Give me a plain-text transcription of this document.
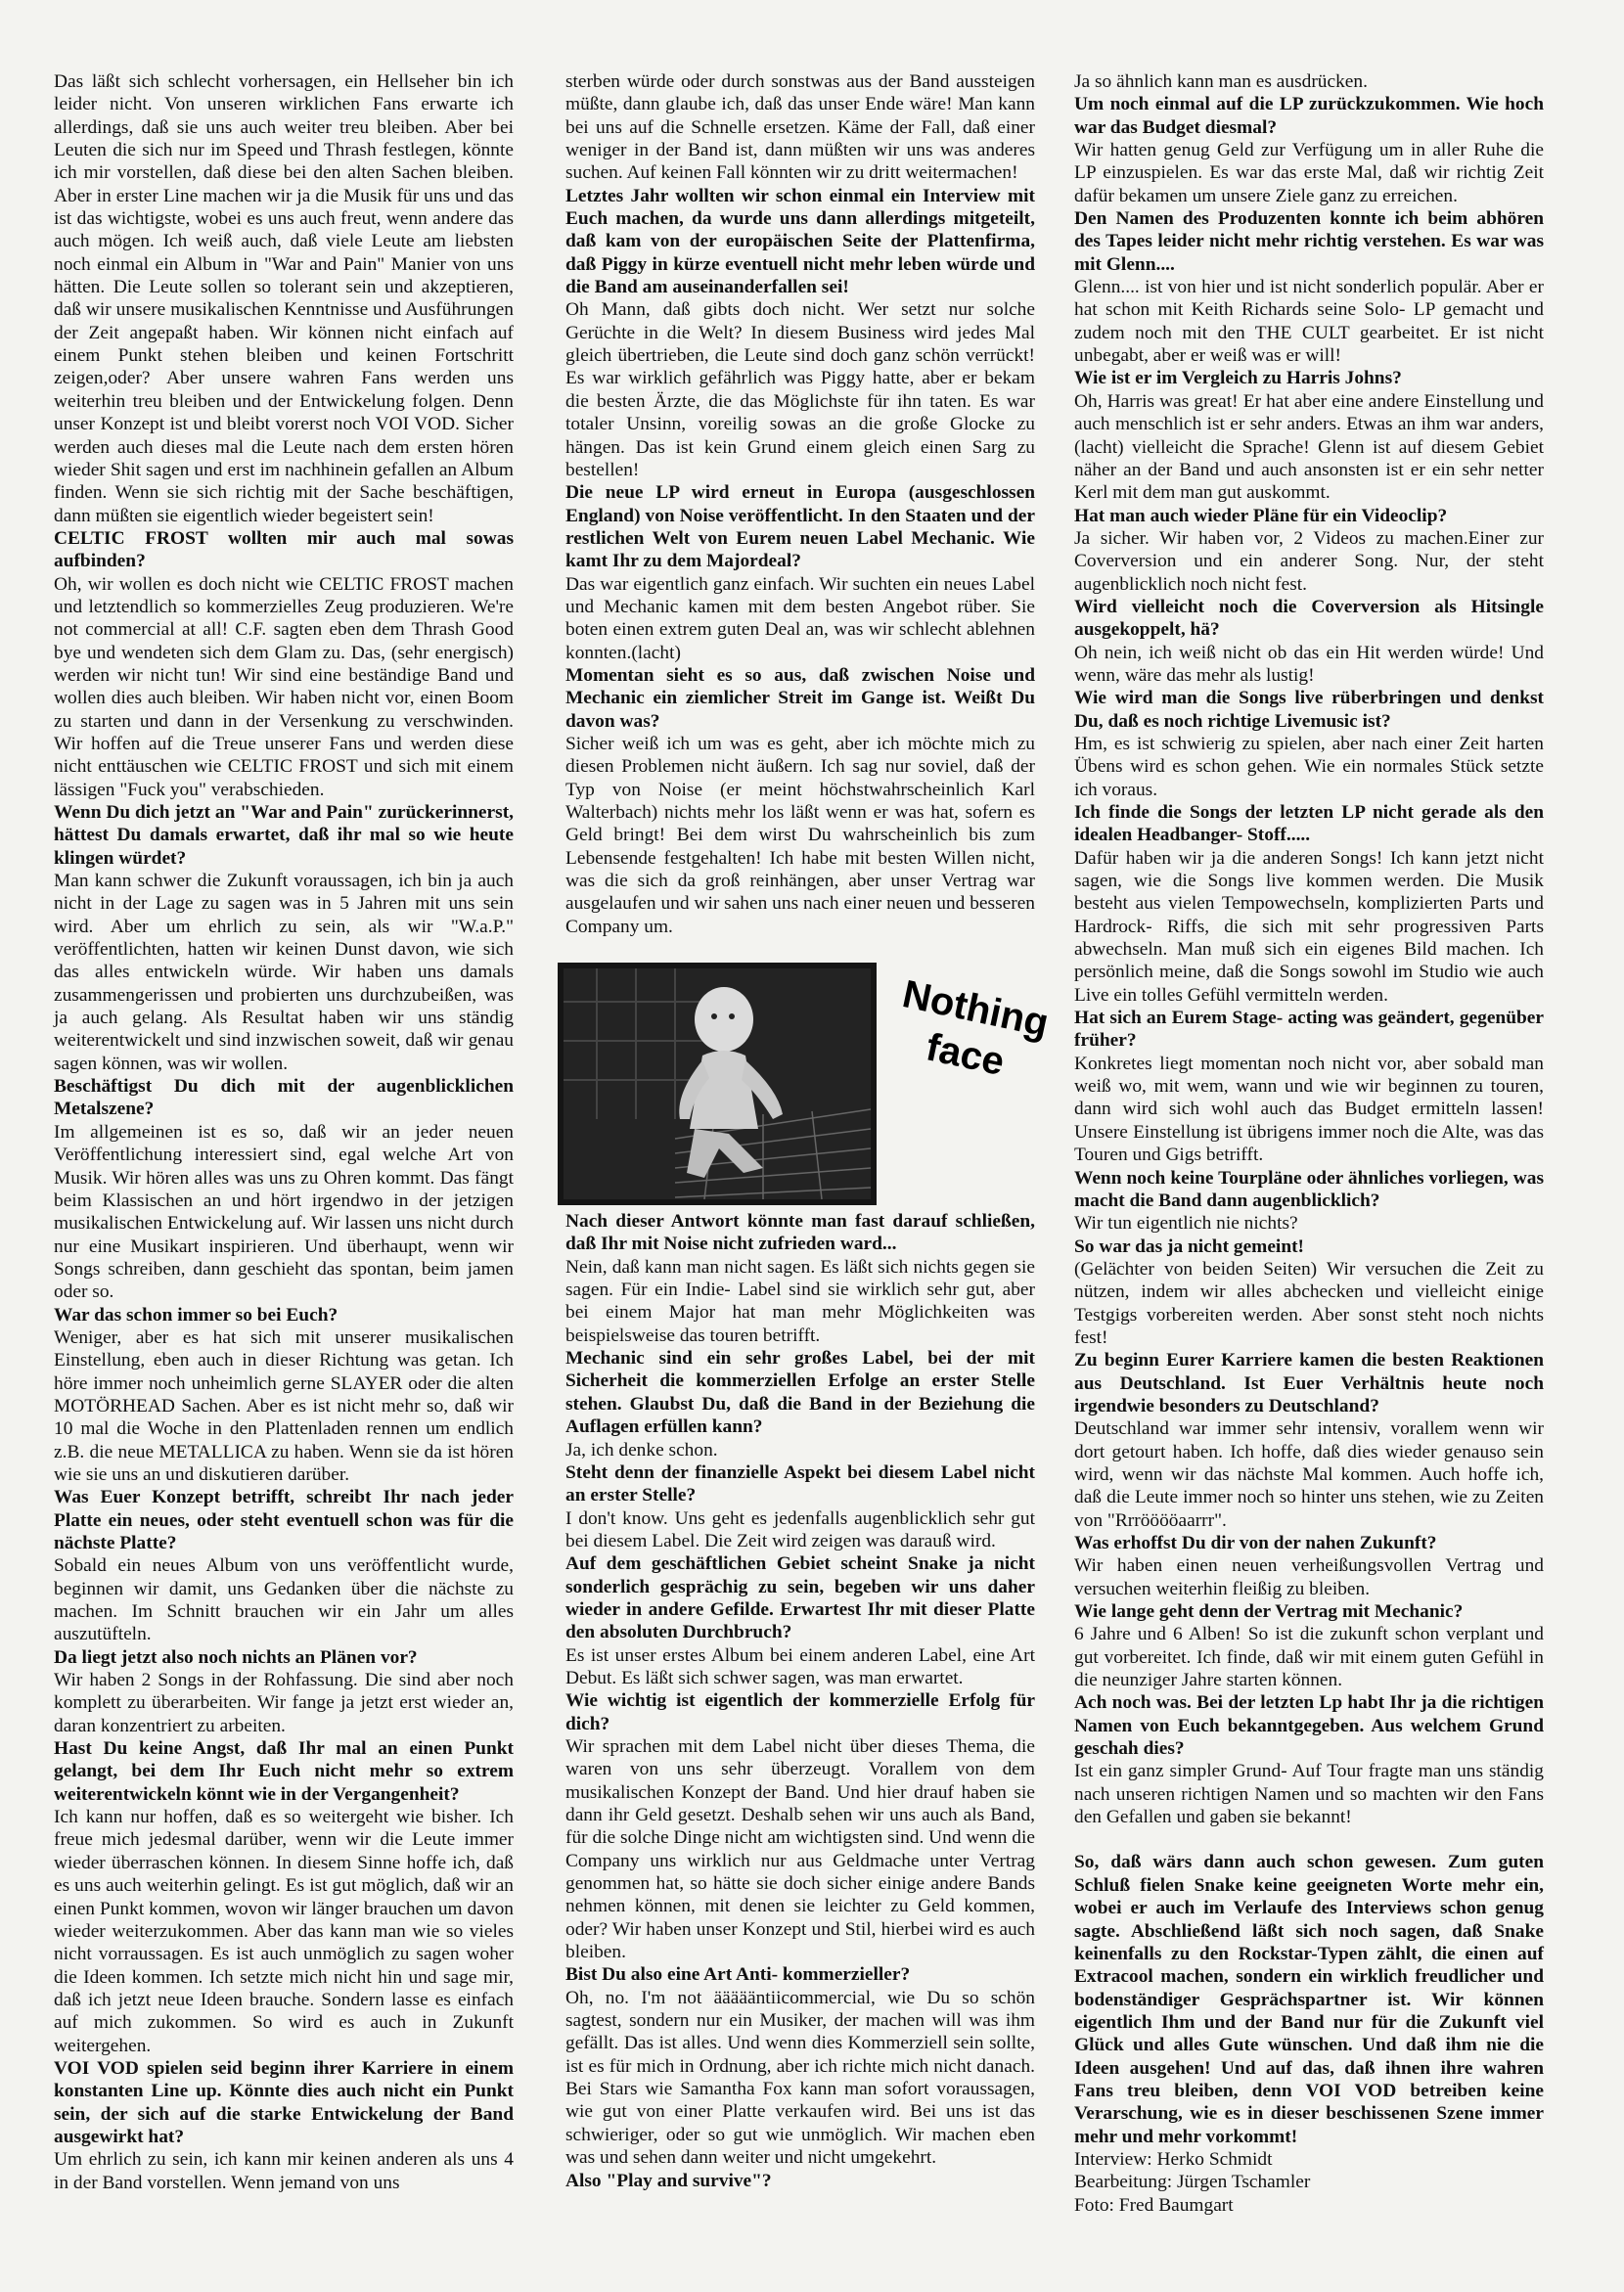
Das läßt sich schlecht vorhersagen, ein Hellseher bin ich leider nicht. Von unseren wirklichen Fans erwarte ich allerdings, daß sie uns auch weiter treu bleiben. Aber bei Leuten die sich nur im Speed und Thrash festlegen, könnte ich mir vorstellen, daß diese bei den alten Sachen bleiben. Aber in erster Line machen wir ja die Musik für uns und das ist das wichtigste, wobei es uns auch freut, wenn andere das auch mögen. Ich weiß auch, daß viele Leute am liebsten noch einmal ein Album in "War and Pain" Manier von uns hätten. Die Leute sollen so tolerant sein und akzeptieren, daß wir unsere musikalischen Kenntnisse und Ausführungen der Zeit angepaßt haben. Wir können nicht einfach auf einem Punkt stehen bleiben und keinen Fortschritt zeigen,oder? Aber unsere wahren Fans werden uns weiterhin treu bleiben und der Entwickelung folgen. Denn unser Konzept ist und bleibt vorerst noch VOI VOD. Sicher werden auch dieses mal die Leute nach dem ersten hören wieder Shit sagen und erst im nachhinein gefallen an Album finden. Wenn sie sich richtig mit der Sache beschäftigen, dann müßten sie eigentlich wieder begeistert sein!

CELTIC FROST wollten mir auch mal sowas aufbinden?

Oh, wir wollen es doch nicht wie CELTIC FROST machen und letztendlich so kommerzielles Zeug produzieren. We're not commercial at all! C.F. sagten eben dem Thrash Good bye und wendeten sich dem Glam zu. Das, (sehr energisch) werden wir nicht tun! Wir sind eine beständige Band und wollen dies auch bleiben. Wir haben nicht vor, einen Boom zu starten und dann in der Versenkung zu verschwinden. Wir hoffen auf die Treue unserer Fans und werden diese nicht enttäuschen wie CELTIC FROST und sich mit einem lässigen "Fuck you" verabschieden.

Wenn Du dich jetzt an "War and Pain" zurückerinnerst, hättest Du damals erwartet, daß ihr mal so wie heute klingen würdet?

Man kann schwer die Zukunft voraussagen, ich bin ja auch nicht in der Lage zu sagen was in 5 Jahren mit uns sein wird. Aber um ehrlich zu sein, als wir "W.a.P." veröffentlichten, hatten wir keinen Dunst davon, wie sich das alles entwickeln würde. Wir haben uns damals zusammengerissen und probierten uns durchzubeißen, was ja auch gelang. Als Resultat haben wir uns ständig weiterentwickelt und sind inzwischen soweit, daß wir genau sagen können, was wir wollen.

Beschäftigst Du dich mit der augenblicklichen Metalszene?

Im allgemeinen ist es so, daß wir an jeder neuen Veröffentlichung interessiert sind, egal welche Art von Musik. Wir hören alles was uns zu Ohren kommt. Das fängt beim Klassischen an und hört irgendwo in der jetzigen musikalischen Entwickelung auf. Wir lassen uns nicht durch nur eine Musikart inspirieren. Und überhaupt, wenn wir Songs schreiben, dann geschieht das spontan, beim jamen oder so.

War das schon immer so bei Euch?

Weniger, aber es hat sich mit unserer musikalischen Einstellung, eben auch in dieser Richtung was getan. Ich höre immer noch unheimlich gerne SLAYER oder die alten MOTÖRHEAD Sachen. Aber es ist nicht mehr so, daß wir 10 mal die Woche in den Plattenladen rennen um endlich z.B. die neue METALLICA zu haben. Wenn sie da ist hören wie sie uns an und diskutieren darüber.

Was Euer Konzept betrifft, schreibt Ihr nach jeder Platte ein neues, oder steht eventuell schon was für die nächste Platte?

Sobald ein neues Album von uns veröffentlicht wurde, beginnen wir damit, uns Gedanken über die nächste zu machen. Im Schnitt brauchen wir ein Jahr um alles auszutüfteln.

Da liegt jetzt also noch nichts an Plänen vor?

Wir haben 2 Songs in der Rohfassung. Die sind aber noch komplett zu überarbeiten. Wir fange ja jetzt erst wieder an, daran konzentriert zu arbeiten.

Hast Du keine Angst, daß Ihr mal an einen Punkt gelangt, bei dem Ihr Euch nicht mehr so extrem weiterentwickeln könnt wie in der Vergangenheit?

Ich kann nur hoffen, daß es so weitergeht wie bisher. Ich freue mich jedesmal darüber, wenn wir die Leute immer wieder überraschen können. In diesem Sinne hoffe ich, daß es uns auch weiterhin gelingt. Es ist gut möglich, daß wir an einen Punkt kommen, wovon wir länger brauchen um davon wieder weiterzukommen. Aber das kann man wie so vieles nicht vorraussagen. Es ist auch unmöglich zu sagen woher die Ideen kommen. Ich setzte mich nicht hin und sage mir, daß ich jetzt neue Ideen brauche. Sondern lasse es einfach auf mich zukommen. So wird es auch in Zukunft weitergehen.

VOI VOD spielen seid beginn ihrer Karriere in einem konstanten Line up. Könnte dies auch nicht ein Punkt sein, der sich auf die starke Entwickelung der Band ausgewirkt hat?

Um ehrlich zu sein, ich kann mir keinen anderen als uns 4 in der Band vorstellen. Wenn jemand von uns

sterben würde oder durch sonstwas aus der Band aussteigen müßte, dann glaube ich, daß das unser Ende wäre! Man kann bei uns auf die Schnelle ersetzen. Käme der Fall, daß einer weniger in der Band ist, dann müßten wir uns was anderes suchen. Auf keinen Fall könnten wir zu dritt weitermachen!

Letztes Jahr wollten wir schon einmal ein Interview mit Euch machen, da wurde uns dann allerdings mitgeteilt, daß kam von der europäischen Seite der Plattenfirma, daß Piggy in kürze eventuell nicht mehr leben würde und die Band am auseinanderfallen sei!

Oh Mann, daß gibts doch nicht. Wer setzt nur solche Gerüchte in die Welt? In diesem Business wird jedes Mal gleich übertrieben, die Leute sind doch ganz schön verrückt! Es war wirklich gefährlich was Piggy hatte, aber er bekam die besten Ärzte, die das Möglichste für ihn taten. Es war totaler Unsinn, voreilig sowas an die große Glocke zu hängen. Das ist kein Grund einem gleich einen Sarg zu bestellen!

Die neue LP wird erneut in Europa (ausgeschlossen England) von Noise veröffentlicht. In den Staaten und der restlichen Welt von Eurem neuen Label Mechanic. Wie kamt Ihr zu dem Majordeal?

Das war eigentlich ganz einfach. Wir suchten ein neues Label und Mechanic kamen mit dem besten Angebot rüber. Sie boten einen extrem guten Deal an, was wir schlecht ablehnen konnten.(lacht)

Momentan sieht es so aus, daß zwischen Noise und Mechanic ein ziemlicher Streit im Gange ist. Weißt Du davon was?

Sicher weiß ich um was es geht, aber ich möchte mich zu diesen Problemen nicht äußern. Ich sag nur soviel, daß der Typ von Noise (er meint höchstwahrscheinlich Karl Walterbach) nichts mehr los läßt wenn er was hat, sofern es Geld bringt! Bei dem wirst Du wahrscheinlich bis zum Lebensende festgehalten! Ich habe mit besten Willen nicht, was die sich da groß reinhängen, aber unser Vertrag war ausgelaufen und wir sahen uns nach einer neuen und besseren Company um.

Nach dieser Antwort könnte man fast darauf schließen, daß Ihr mit Noise nicht zufrieden ward...

Nein, daß kann man nicht sagen. Es läßt sich nichts gegen sie sagen. Für ein Indie- Label sind sie wirklich sehr gut, aber bei einem Major hat man mehr Möglichkeiten was beispielsweise das touren betrifft.

Mechanic sind ein sehr großes Label, bei der mit Sicherheit die kommerziellen Erfolge an erster Stelle stehen. Glaubst Du, daß die Band in der Beziehung die Auflagen erfüllen kann?

Ja, ich denke schon.

Steht denn der finanzielle Aspekt bei diesem Label nicht an erster Stelle?

I don't know. Uns geht es jedenfalls augenblicklich sehr gut bei diesem Label. Die Zeit wird zeigen was darauß wird.

Auf dem geschäftlichen Gebiet scheint Snake ja nicht sonderlich gesprächig zu sein, begeben wir uns daher wieder in andere Gefilde. Erwartest Ihr mit dieser Platte den absoluten Durchbruch?

Es ist unser erstes Album bei einem anderen Label, eine Art Debut. Es läßt sich schwer sagen, was man erwartet.

Wie wichtig ist eigentlich der kommerzielle Erfolg für dich?

Wir sprachen mit dem Label nicht über dieses Thema, die waren von uns sehr überzeugt. Vorallem von dem musikalischen Konzept der Band. Und hier drauf haben sie dann ihr Geld gesetzt. Deshalb sehen wir uns auch als Band, für die solche Dinge nicht am wichtigsten sind. Und wenn die Company uns wirklich nur aus Geldmache unter Vertrag genommen hat, so hätte sie doch sicher einige andere Bands nehmen können, mit denen sie leichter zu Geld kommen, oder? Wir haben unser Konzept und Stil, hierbei wird es auch bleiben.

Bist Du also eine Art Anti- kommerzieller?

Oh, no. I'm not äääääntiicommercial, wie Du so schön sagtest, sondern nur ein Musiker, der machen will was ihm gefällt. Das ist alles. Und wenn dies Kommerziell sein sollte, ist es für mich in Ordnung, aber ich richte mich nicht danach. Bei Stars wie Samantha Fox kann man sofort voraussagen, wie gut von einer Platte verkaufen wird. Bei uns ist das schwieriger, oder so gut wie unmöglich. Wir machen eben was und sehen dann weiter und nicht umgekehrt.

Also "Play and survive"?

Ja so ähnlich kann man es ausdrücken.

Um noch einmal auf die LP zurückzukommen. Wie hoch war das Budget diesmal?

Wir hatten genug Geld zur Verfügung um in aller Ruhe die LP einzuspielen. Es war das erste Mal, daß wir richtig Zeit dafür bekamen um unsere Ziele ganz zu erreichen.

Den Namen des Produzenten konnte ich beim abhören des Tapes leider nicht mehr richtig verstehen. Es war was mit Glenn....

Glenn.... ist von hier und ist nicht sonderlich populär. Aber er hat schon mit Keith Richards seine Solo- LP gemacht und zudem noch mit den THE CULT gearbeitet. Er ist nicht unbegabt, aber er weiß was er will!

Wie ist er im Vergleich zu Harris Johns?

Oh, Harris was great! Er hat aber eine andere Einstellung und auch menschlich ist er sehr anders. Etwas an ihm war anders, (lacht) vielleicht die Sprache! Glenn ist auf diesem Gebiet näher an der Band und auch ansonsten ist er ein sehr netter Kerl mit dem man gut auskommt.

Hat man auch wieder Pläne für ein Videoclip?

Ja sicher. Wir haben vor, 2 Videos zu machen.Einer zur Coverversion und ein anderer Song. Nur, der steht augenblicklich noch nicht fest.

Wird vielleicht noch die Coverversion als Hitsingle ausgekoppelt, hä?

Oh nein, ich weiß nicht ob das ein Hit werden würde! Und wenn, wäre das mehr als lustig!

Wie wird man die Songs live rüberbringen und denkst Du, daß es noch richtige Livemusic ist?

Hm, es ist schwierig zu spielen, aber nach einer Zeit harten Übens wird es schon gehen. Wie ein normales Stück setzte ich voraus.

Ich finde die Songs der letzten LP nicht gerade als den idealen Headbanger- Stoff.....

Dafür haben wir ja die anderen Songs! Ich kann jetzt nicht sagen, wie die Songs live kommen werden. Die Musik besteht aus vielen Tempowechseln, komplizierten Parts und Hardrock- Riffs, die sich mit sehr progressiven Parts abwechseln. Man muß sich ein eigenes Bild machen. Ich persönlich meine, daß die Songs sowohl im Studio wie auch Live ein tolles Gefühl vermitteln werden.

Hat sich an Eurem Stage- acting was geändert, gegenüber früher?

Konkretes liegt momentan noch nicht vor, aber sobald man weiß wo, mit wem, wann und wie wir beginnen zu touren, dann wird sich wohl auch das Budget ermitteln lassen! Unsere Einstellung ist übrigens immer noch die Alte, was das Touren und Gigs betrifft.

Wenn noch keine Tourpläne oder ähnliches vorliegen, was macht die Band dann augenblicklich?

Wir tun eigentlich nie nichts?

So war das ja nicht gemeint!

(Gelächter von beiden Seiten) Wir versuchen die Zeit zu nützen, indem wir alles abchecken und vielleicht einige Testgigs vorbereiten werden. Aber sonst steht noch nichts fest!

Zu beginn Eurer Karriere kamen die besten Reaktionen aus Deutschland. Ist Euer Verhältnis heute noch irgendwie besonders zu Deutschland?

Deutschland war immer sehr intensiv, vorallem wenn wir dort getourt haben. Ich hoffe, daß dies wieder genauso sein wird, wenn wir das nächste Mal kommen. Auch hoffe ich, daß die Leute immer noch so hinter uns stehen, wie zu Zeiten von "Rrrööööaarrr".

Was erhoffst Du dir von der nahen Zukunft?

Wir haben einen neuen verheißungsvollen Vertrag und versuchen weiterhin fleißig zu bleiben.

Wie lange geht denn der Vertrag mit Mechanic?

6 Jahre und 6 Alben! So ist die zukunft schon verplant und gut vorbereitet. Ich finde, daß wir mit einem guten Gefühl in die neunziger Jahre starten können.

Ach noch was. Bei der letzten Lp habt Ihr ja die richtigen Namen von Euch bekanntgegeben. Aus welchem Grund geschah dies?

Ist ein ganz simpler Grund- Auf Tour fragte man uns ständig nach unseren richtigen Namen und so machten wir den Fans den Gefallen und gaben sie bekannt!

So, daß wärs dann auch schon gewesen. Zum guten Schluß fielen Snake keine geeigneten Worte mehr ein, wobei er auch im Verlaufe des Interviews schon genug sagte. Abschließend läßt sich noch sagen, daß Snake keinenfalls zu den Rockstar-Typen zählt, die einen auf Extracool machen, sondern ein wirklich freudlicher und bodenständiger Gesprächspartner ist. Wir können eigentlich Ihm und der Band nur für die Zukunft viel Glück und alles Gute wünschen. Und daß ihm nie die Ideen ausgehen! Und auf das, daß ihnen ihre wahren Fans treu bleiben, denn VOI VOD betreiben keine Verarschung, wie es in dieser beschissenen Szene immer mehr und mehr vorkommt!

Interview: Herko Schmidt

Bearbeitung: Jürgen Tschamler

Foto: Fred Baumgart

Nothing face
